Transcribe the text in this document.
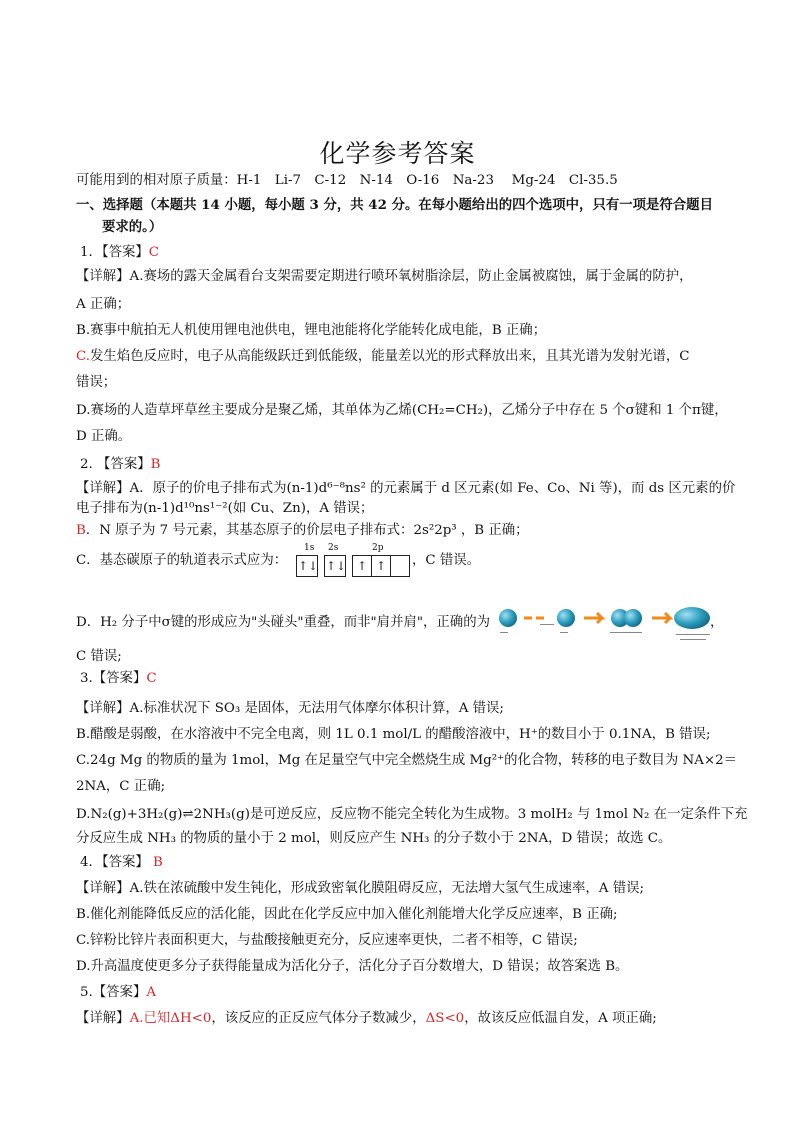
化学参考答案
可能用到的相对原子质量：H-1　Li-7　C-12　N-14　O-16　Na-23　 Mg-24　Cl-35.5
一、选择题（本题共 14 小题，每小题 3 分，共 42 分。在每小题给出的四个选项中，只有一项是符合题目
要求的。）
1．【答案】C
【详解】A.赛场的露天金属看台支架需要定期进行喷环氧树脂涂层，防止金属被腐蚀，属于金属的防护，
A 正确；
B.赛事中航拍无人机使用锂电池供电，锂电池能将化学能转化成电能，B 正确；
C.发生焰色反应时，电子从高能级跃迁到低能级，能量差以光的形式释放出来，且其光谱为发射光谱，C
错误；
D.赛场的人造草坪草丝主要成分是聚乙烯，其单体为乙烯(CH₂=CH₂)，乙烯分子中存在 5 个σ键和 1 个π键，
D 正确。
2. 【答案】B
【详解】A．原子的价电子排布式为(n-1)d⁶⁻⁸ns² 的元素属于 d 区元素(如 Fe、Co、Ni 等)，而 ds 区元素的价
电子排布为(n-1)d¹⁰ns¹⁻²(如 Cu、Zn)，A 错误；
B．N 原子为 7 号元素，其基态原子的价层电子排布式：2s²2p³ ，B 正确；
C．基态碳原子的轨道表示式应为：	，C 错误。
1s 2s	2p
↑↓ ↑↓ ↑ ↑
D．H₂ 分子中σ键的形成应为"头碰头"重叠，而非"肩并肩"，正确的为	，
C 错误;
3.【答案】C
【详解】A.标准状况下 SO₃ 是固体，无法用气体摩尔体积计算，A 错误;
B.醋酸是弱酸，在水溶液中不完全电离，则 1L 0.1 mol/L 的醋酸溶液中，H⁺的数目小于 0.1NA，B 错误;
C.24g Mg 的物质的量为 1mol，Mg 在足量空气中完全燃烧生成 Mg²⁺的化合物，转移的电子数目为 NA×2＝
2NA，C 正确;
D.N₂(g)+3H₂(g)⇌2NH₃(g)是可逆反应，反应物不能完全转化为生成物。3 molH₂ 与 1mol N₂ 在一定条件下充
分反应生成 NH₃ 的物质的量小于 2 mol，则反应产生 NH₃ 的分子数小于 2NA，D 错误；故选 C。
4．【答案】 B
【详解】A.铁在浓硫酸中发生钝化，形成致密氧化膜阻碍反应，无法增大氢气生成速率，A 错误;
B.催化剂能降低反应的活化能，因此在化学反应中加入催化剂能增大化学反应速率，B 正确;
C.锌粉比锌片表面积更大，与盐酸接触更充分，反应速率更快，二者不相等，C 错误;
D.升高温度使更多分子获得能量成为活化分子，活化分子百分数增大，D 错误；故答案选 B。
5.【答案】A
【详解】A.已知ΔH<0，该反应的正反应气体分子数减少，ΔS<0，故该反应低温自发，A 项正确;
